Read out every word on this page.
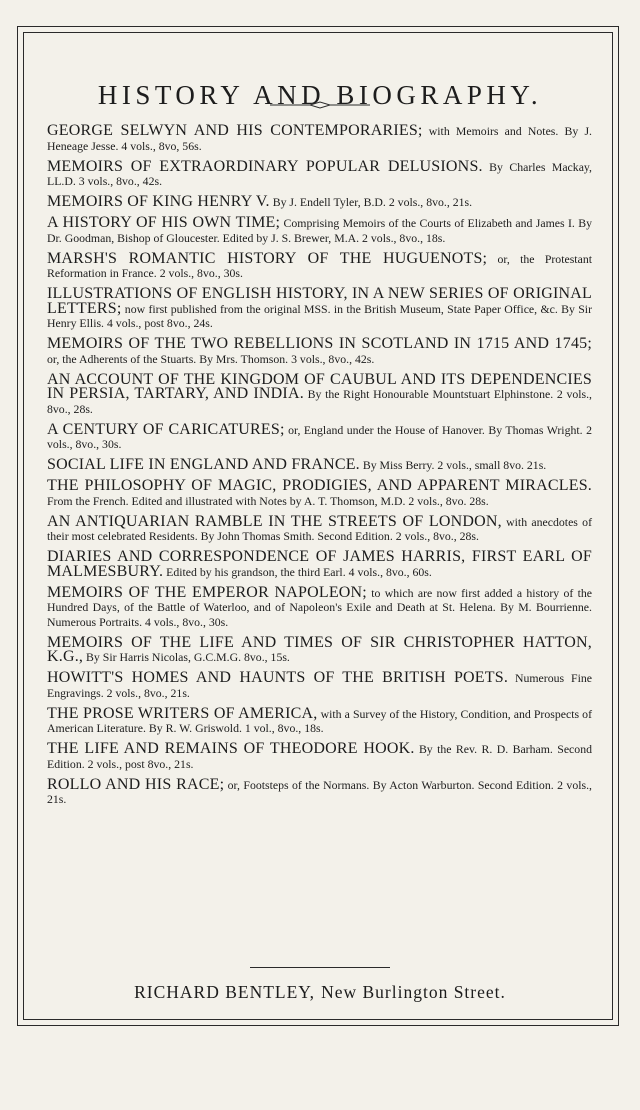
HISTORY AND BIOGRAPHY.

GEORGE SELWYN AND HIS CONTEMPORARIES; with Memoirs and Notes. By J. Heneage Jesse. 4 vols., 8vo, 56s.

MEMOIRS OF EXTRAORDINARY POPULAR DELUSIONS. By Charles Mackay, LL.D. 3 vols., 8vo., 42s.

MEMOIRS OF KING HENRY V. By J. Endell Tyler, B.D. 2 vols., 8vo., 21s.

A HISTORY OF HIS OWN TIME; Comprising Memoirs of the Courts of Elizabeth and James I. By Dr. Goodman, Bishop of Gloucester. Edited by J. S. Brewer, M.A. 2 vols., 8vo., 18s.

MARSH'S ROMANTIC HISTORY OF THE HUGUENOTS; or, the Protestant Reformation in France. 2 vols., 8vo., 30s.

ILLUSTRATIONS OF ENGLISH HISTORY, IN A NEW SERIES OF ORIGINAL LETTERS; now first published from the original MSS. in the British Museum, State Paper Office, &c. By Sir Henry Ellis. 4 vols., post 8vo., 24s.

MEMOIRS OF THE TWO REBELLIONS IN SCOTLAND IN 1715 AND 1745; or, the Adherents of the Stuarts. By Mrs. Thomson. 3 vols., 8vo., 42s.

AN ACCOUNT OF THE KINGDOM OF CAUBUL AND ITS DEPENDENCIES IN PERSIA, TARTARY, AND INDIA. By the Right Honourable Mountstuart Elphinstone. 2 vols., 8vo., 28s.

A CENTURY OF CARICATURES; or, England under the House of Hanover. By Thomas Wright. 2 vols., 8vo., 30s.

SOCIAL LIFE IN ENGLAND AND FRANCE. By Miss Berry. 2 vols., small 8vo. 21s.

THE PHILOSOPHY OF MAGIC, PRODIGIES, AND APPARENT MIRACLES. From the French. Edited and illustrated with Notes by A. T. Thomson, M.D. 2 vols., 8vo. 28s.

AN ANTIQUARIAN RAMBLE IN THE STREETS OF LONDON, with anecdotes of their most celebrated Residents. By John Thomas Smith. Second Edition. 2 vols., 8vo., 28s.

DIARIES AND CORRESPONDENCE OF JAMES HARRIS, FIRST EARL OF MALMESBURY. Edited by his grandson, the third Earl. 4 vols., 8vo., 60s.

MEMOIRS OF THE EMPEROR NAPOLEON; to which are now first added a history of the Hundred Days, of the Battle of Waterloo, and of Napoleon's Exile and Death at St. Helena. By M. Bourrienne. Numerous Portraits. 4 vols., 8vo., 30s.

MEMOIRS OF THE LIFE AND TIMES OF SIR CHRISTOPHER HATTON, K.G., By Sir Harris Nicolas, G.C.M.G. 8vo., 15s.

HOWITT'S HOMES AND HAUNTS OF THE BRITISH POETS. Numerous Fine Engravings. 2 vols., 8vo., 21s.

THE PROSE WRITERS OF AMERICA, with a Survey of the History, Condition, and Prospects of American Literature. By R. W. Griswold. 1 vol., 8vo., 18s.

THE LIFE AND REMAINS OF THEODORE HOOK. By the Rev. R. D. Barham. Second Edition. 2 vols., post 8vo., 21s.

ROLLO AND HIS RACE; or, Footsteps of the Normans. By Acton Warburton. Second Edition. 2 vols., 21s.

RICHARD BENTLEY, New Burlington Street.
